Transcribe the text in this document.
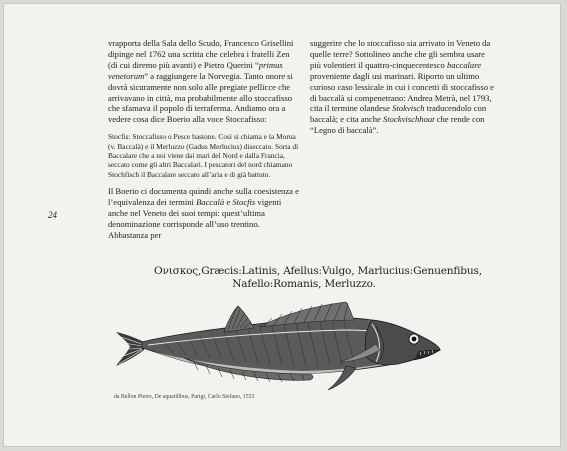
vrapporta della Sala dello Scudo, Francesco Grisellini dipinge nel 1762 una scritta che celebra i fratelli Zen (di cui diremo più avanti) e Pietro Querini “primus venetorum” a raggiungere la Norvegia. Tanto onore si dovrà sicuramente non solo alle pregiate pellicce che arrivavano in città, ma probabilmente allo stoccafisso che sfamava il popolo di terraferma. Andiamo ora a vedere cosa dice Boerio alla voce Stoccafisso:

Stocfis: Stoccafisso o Pesce bastone. Così si chiama e la Morua (v. Baccalà) e il Merluzzo (Gadus Merlucius) diseccato. Sorta di Baccalare che a noi viene dai mari del Nord e dalla Francia, seccato come gli altri Baccalari. I pescatori del nord chiamano Stochfisch il Baccalare seccato all’aria e di già battuto.

Il Boerio ci documenta quindi anche sulla coesistenza e l’equivalenza dei termini Baccalà e Stocfis vigenti anche nel Veneto dei suoi tempi: quest’ultima denominazione corrisponde all’uso trentino. Abbastanza per

suggerire che lo stoccafisso sia arrivato in Veneto da quelle terre? Sottolineo anche che gli sembra usare più volentieri il quattro-cinquecentesco baccalare proveniente dagli usi marinari. Riporto un ultimo curioso caso lessicale in cui i concetti di stoccafisso e di baccalà si compenetrano: Andrea Metrà, nel 1793, cita il termine olandese Stokvisch traducendolo con baccalà; e cita anche Stockvischhout che rende con “Legno di baccalà”.

24
Ονισκος,Græcis:Latinis, Afellus:Vulgo, Marlucius:Genuenfibus,
Nafello:Romanis, Merluzzo.
da Bellon Pierre, De aquatilibus, Parigi, Carlo Stefano, 1553
